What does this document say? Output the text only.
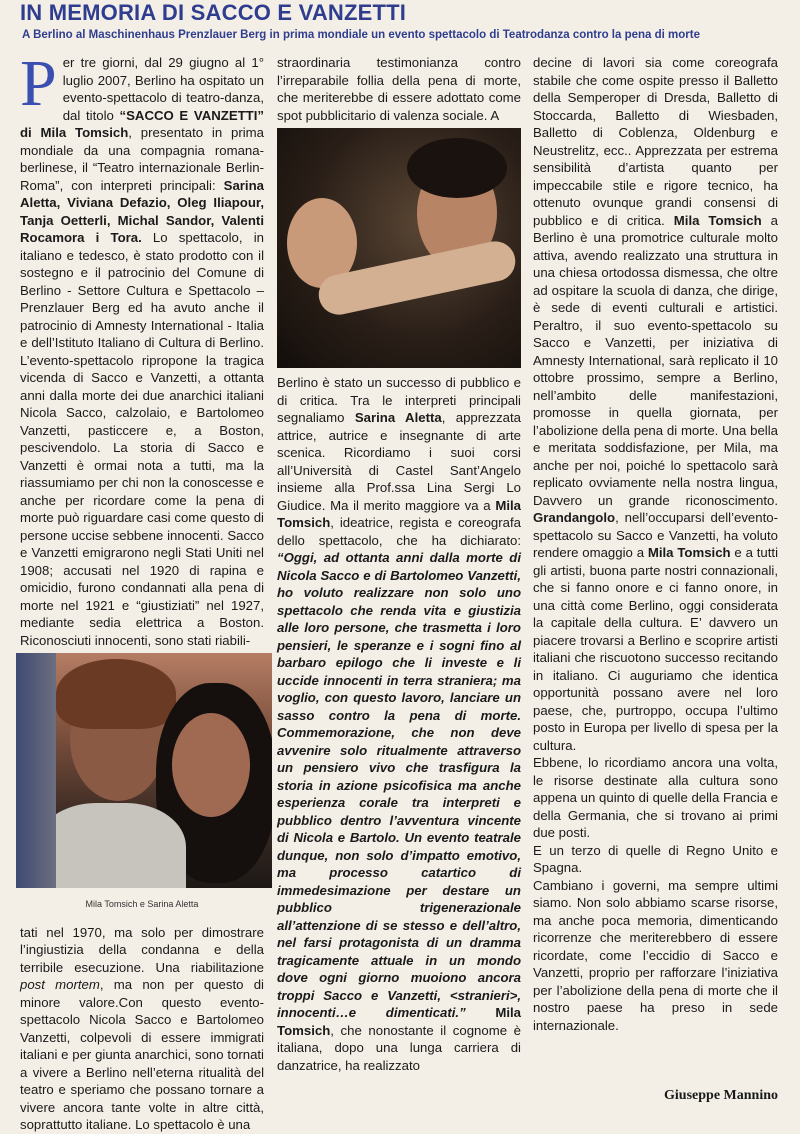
IN MEMORIA DI SACCO E VANZETTI
A Berlino al Maschinenhaus Prenzlauer Berg in prima mondiale un evento spettacolo di Teatrodanza contro la pena di morte

Per tre giorni, dal 29 giugno al 1° luglio 2007, Berlino ha ospitato un evento-spettacolo di teatro-danza, dal titolo “SACCO E VANZETTI” di Mila Tomsich, presentato in prima mondiale da una compagnia romana-berlinese, il “Teatro internazionale Berlin-Roma”, con interpreti principali: Sarina Aletta, Viviana Defazio, Oleg Iliapour, Tanja Oetterli, Michal Sandor, Valenti Rocamora i Tora. Lo spettacolo, in italiano e tedesco, è stato prodotto con il sostegno e il patrocinio del Comune di Berlino - Settore Cultura e Spettacolo – Prenzlauer Berg ed ha avuto anche il patrocinio di Amnesty International - Italia e dell’Istituto Italiano di Cultura di Berlino. L’evento-spettacolo ripropone la tragica vicenda di Sacco e Vanzetti, a ottanta anni dalla morte dei due anarchici italiani Nicola Sacco, calzolaio, e Bartolomeo Vanzetti, pasticcere e, a Boston, pescivendolo. La storia di Sacco e Vanzetti è ormai nota a tutti, ma la riassumiamo per chi non la conoscesse e anche per ricordare come la pena di morte può riguardare casi come questo di persone uccise sebbene innocenti. Sacco e Vanzetti emigrarono negli Stati Uniti nel 1908; accusati nel 1920 di rapina e omicidio, furono condannati alla pena di morte nel 1921 e “giustiziati” nel 1927, mediante sedia elettrica a Boston. Riconosciuti innocenti, sono stati riabili-

Mila Tomsich e Sarina Aletta

tati nel 1970, ma solo per dimostrare l’ingiustizia della condanna e della terribile esecuzione. Una riabilitazione post mortem, ma non per questo di minore valore.Con questo evento-spettacolo Nicola Sacco e Bartolomeo Vanzetti, colpevoli di essere immigrati italiani e per giunta anarchici, sono tornati a vivere a Berlino nell’eterna ritualità del teatro e speriamo che possano tornare a vivere ancora tante volte in altre città, soprattutto italiane. Lo spettacolo è una

straordinaria testimonianza contro l’irreparabile follia della pena di morte, che meriterebbe di essere adottato come spot pubblicitario di valenza sociale. A

Berlino è stato un successo di pubblico e di critica. Tra le interpreti principali segnaliamo Sarina Aletta, apprezzata attrice, autrice e insegnante di arte scenica. Ricordiamo i suoi corsi all’Università di Castel Sant’Angelo insieme alla Prof.ssa Lina Sergi Lo Giudice. Ma il merito maggiore va a Mila Tomsich, ideatrice, regista e coreografa dello spettacolo, che ha dichiarato: “Oggi, ad ottanta anni dalla morte di Nicola Sacco e di Bartolomeo Vanzetti, ho voluto realizzare non solo uno spettacolo che renda vita e giustizia alle loro persone, che trasmetta i loro pensieri, le speranze e i sogni fino al barbaro epilogo che li investe e li uccide innocenti in terra straniera; ma voglio, con questo lavoro, lanciare un sasso contro la pena di morte. Commemorazione, che non deve avvenire solo ritualmente attraverso un pensiero vivo che trasfigura la storia in azione psicofisica ma anche esperienza corale tra interpreti e pubblico dentro l’avventura vincente di Nicola e Bartolo. Un evento teatrale dunque, non solo d’impatto emotivo, ma processo catartico di immedesimazione per destare un pubblico trigenerazionale all’attenzione di se stesso e dell’altro, nel farsi protagonista di un dramma tragicamente attuale in un mondo dove ogni giorno muoiono ancora troppi Sacco e Vanzetti, <stranieri>, innocenti…e dimenticati.” Mila Tomsich, che nonostante il cognome è italiana, dopo una lunga carriera di danzatrice, ha realizzato

decine di lavori sia come coreografa stabile che come ospite presso il Balletto della Semperoper di Dresda, Balletto di Stoccarda, Balletto di Wiesbaden, Balletto di Coblenza, Oldenburg e Neustrelitz, ecc.. Apprezzata per estrema sensibilità d’artista quanto per impeccabile stile e rigore tecnico, ha ottenuto ovunque grandi consensi di pubblico e di critica. Mila Tomsich a Berlino è una promotrice culturale molto attiva, avendo realizzato una struttura in una chiesa ortodossa dismessa, che oltre ad ospitare la scuola di danza, che dirige, è sede di eventi culturali e artistici. Peraltro, il suo evento-spettacolo su Sacco e Vanzetti, per iniziativa di Amnesty International, sarà replicato il 10 ottobre prossimo, sempre a Berlino, nell’ambito delle manifestazioni, promosse in quella giornata, per l’abolizione della pena di morte. Una bella e meritata soddisfazione, per Mila, ma anche per noi, poiché lo spettacolo sarà replicato ovviamente nella nostra lingua, Davvero un grande riconoscimento. Grandangolo, nell’occuparsi dell’evento-spettacolo su Sacco e Vanzetti, ha voluto rendere omaggio a Mila Tomsich e a tutti gli artisti, buona parte nostri connazionali, che si fanno onore e ci fanno onore, in una città come Berlino, oggi considerata la capitale della cultura. E’ davvero un piacere trovarsi a Berlino e scoprire artisti italiani che riscuotono successo recitando in italiano. Ci auguriamo che identica opportunità possano avere nel loro paese, che, purtroppo, occupa l’ultimo posto in Europa per livello di spesa per la cultura.

Ebbene, lo ricordiamo ancora una volta, le risorse destinate alla cultura sono appena un quinto di quelle della Francia e della Germania, che si trovano ai primi due posti.

E un terzo di quelle di Regno Unito e Spagna.

Cambiano i governi, ma sempre ultimi siamo. Non solo abbiamo scarse risorse, ma anche poca memoria, dimenticando ricorrenze che meriterebbero di essere ricordate, come l’eccidio di Sacco e Vanzetti, proprio per rafforzare l’iniziativa per l’abolizione della pena di morte che il nostro paese ha preso in sede internazionale.

Giuseppe Mannino
